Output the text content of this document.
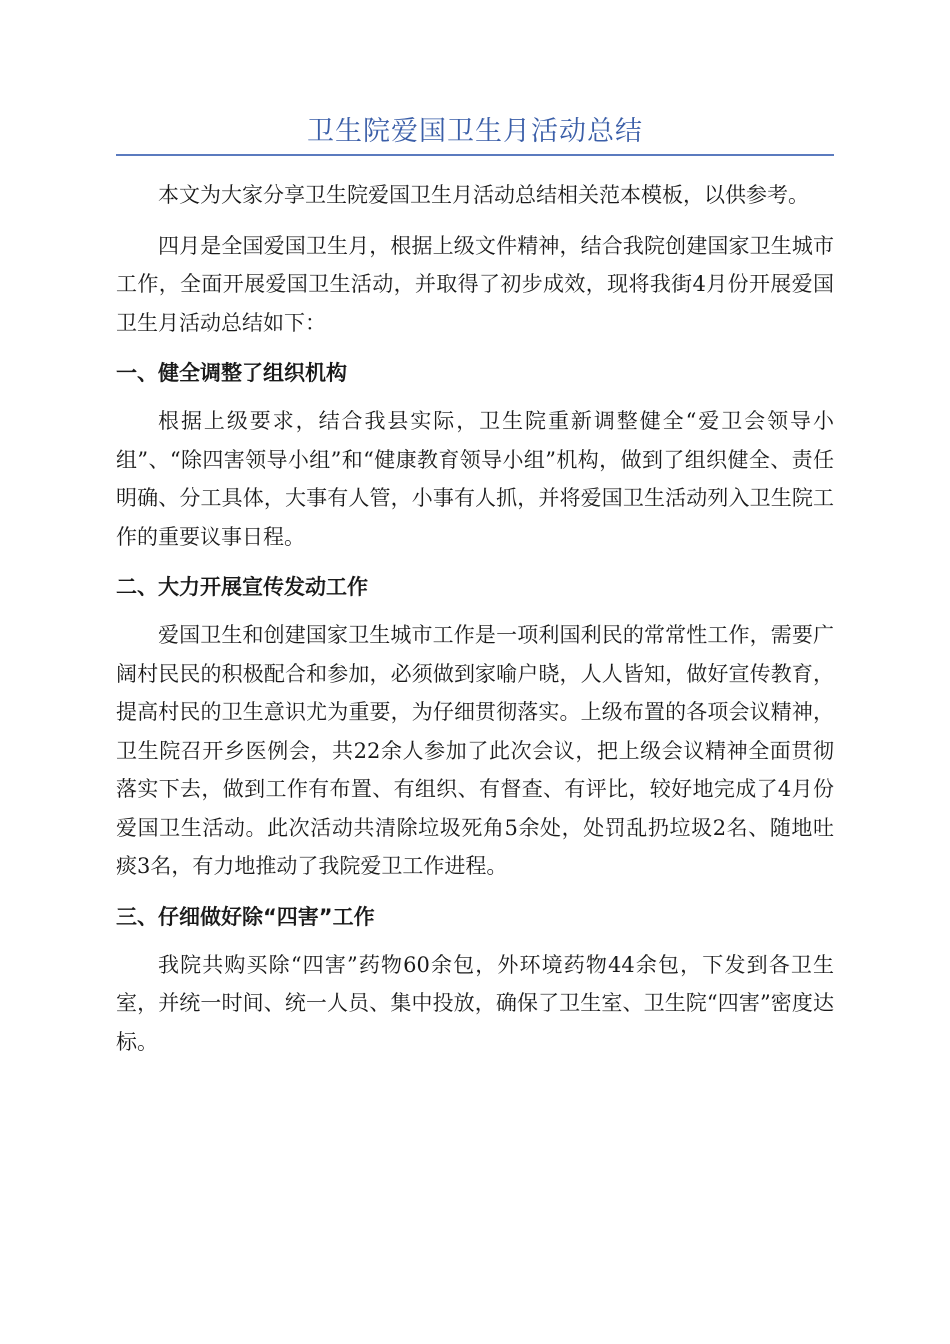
卫生院爱国卫生月活动总结

本文为大家分享卫生院爱国卫生月活动总结相关范本模板，以供参考。

四月是全国爱国卫生月，根据上级文件精神，结合我院创建国家卫生城市工作，全面开展爱国卫生活动，并取得了初步成效，现将我街4月份开展爱国卫生月活动总结如下：

一、健全调整了组织机构

根据上级要求，结合我县实际，卫生院重新调整健全“爱卫会领导小组”、“除四害领导小组”和“健康教育领导小组”机构，做到了组织健全、责任明确、分工具体，大事有人管，小事有人抓，并将爱国卫生活动列入卫生院工作的重要议事日程。

二、大力开展宣传发动工作

爱国卫生和创建国家卫生城市工作是一项利国利民的常常性工作，需要广阔村民民的积极配合和参加，必须做到家喻户晓，人人皆知，做好宣传教育，提高村民的卫生意识尤为重要，为仔细贯彻落实。上级布置的各项会议精神，卫生院召开乡医例会，共22余人参加了此次会议，把上级会议精神全面贯彻落实下去，做到工作有布置、有组织、有督查、有评比，较好地完成了4月份爱国卫生活动。此次活动共清除垃圾死角5余处，处罚乱扔垃圾2名、随地吐痰3名，有力地推动了我院爱卫工作进程。

三、仔细做好除“四害”工作

我院共购买除“四害”药物60余包，外环境药物44余包，下发到各卫生室，并统一时间、统一人员、集中投放，确保了卫生室、卫生院“四害”密度达标。
